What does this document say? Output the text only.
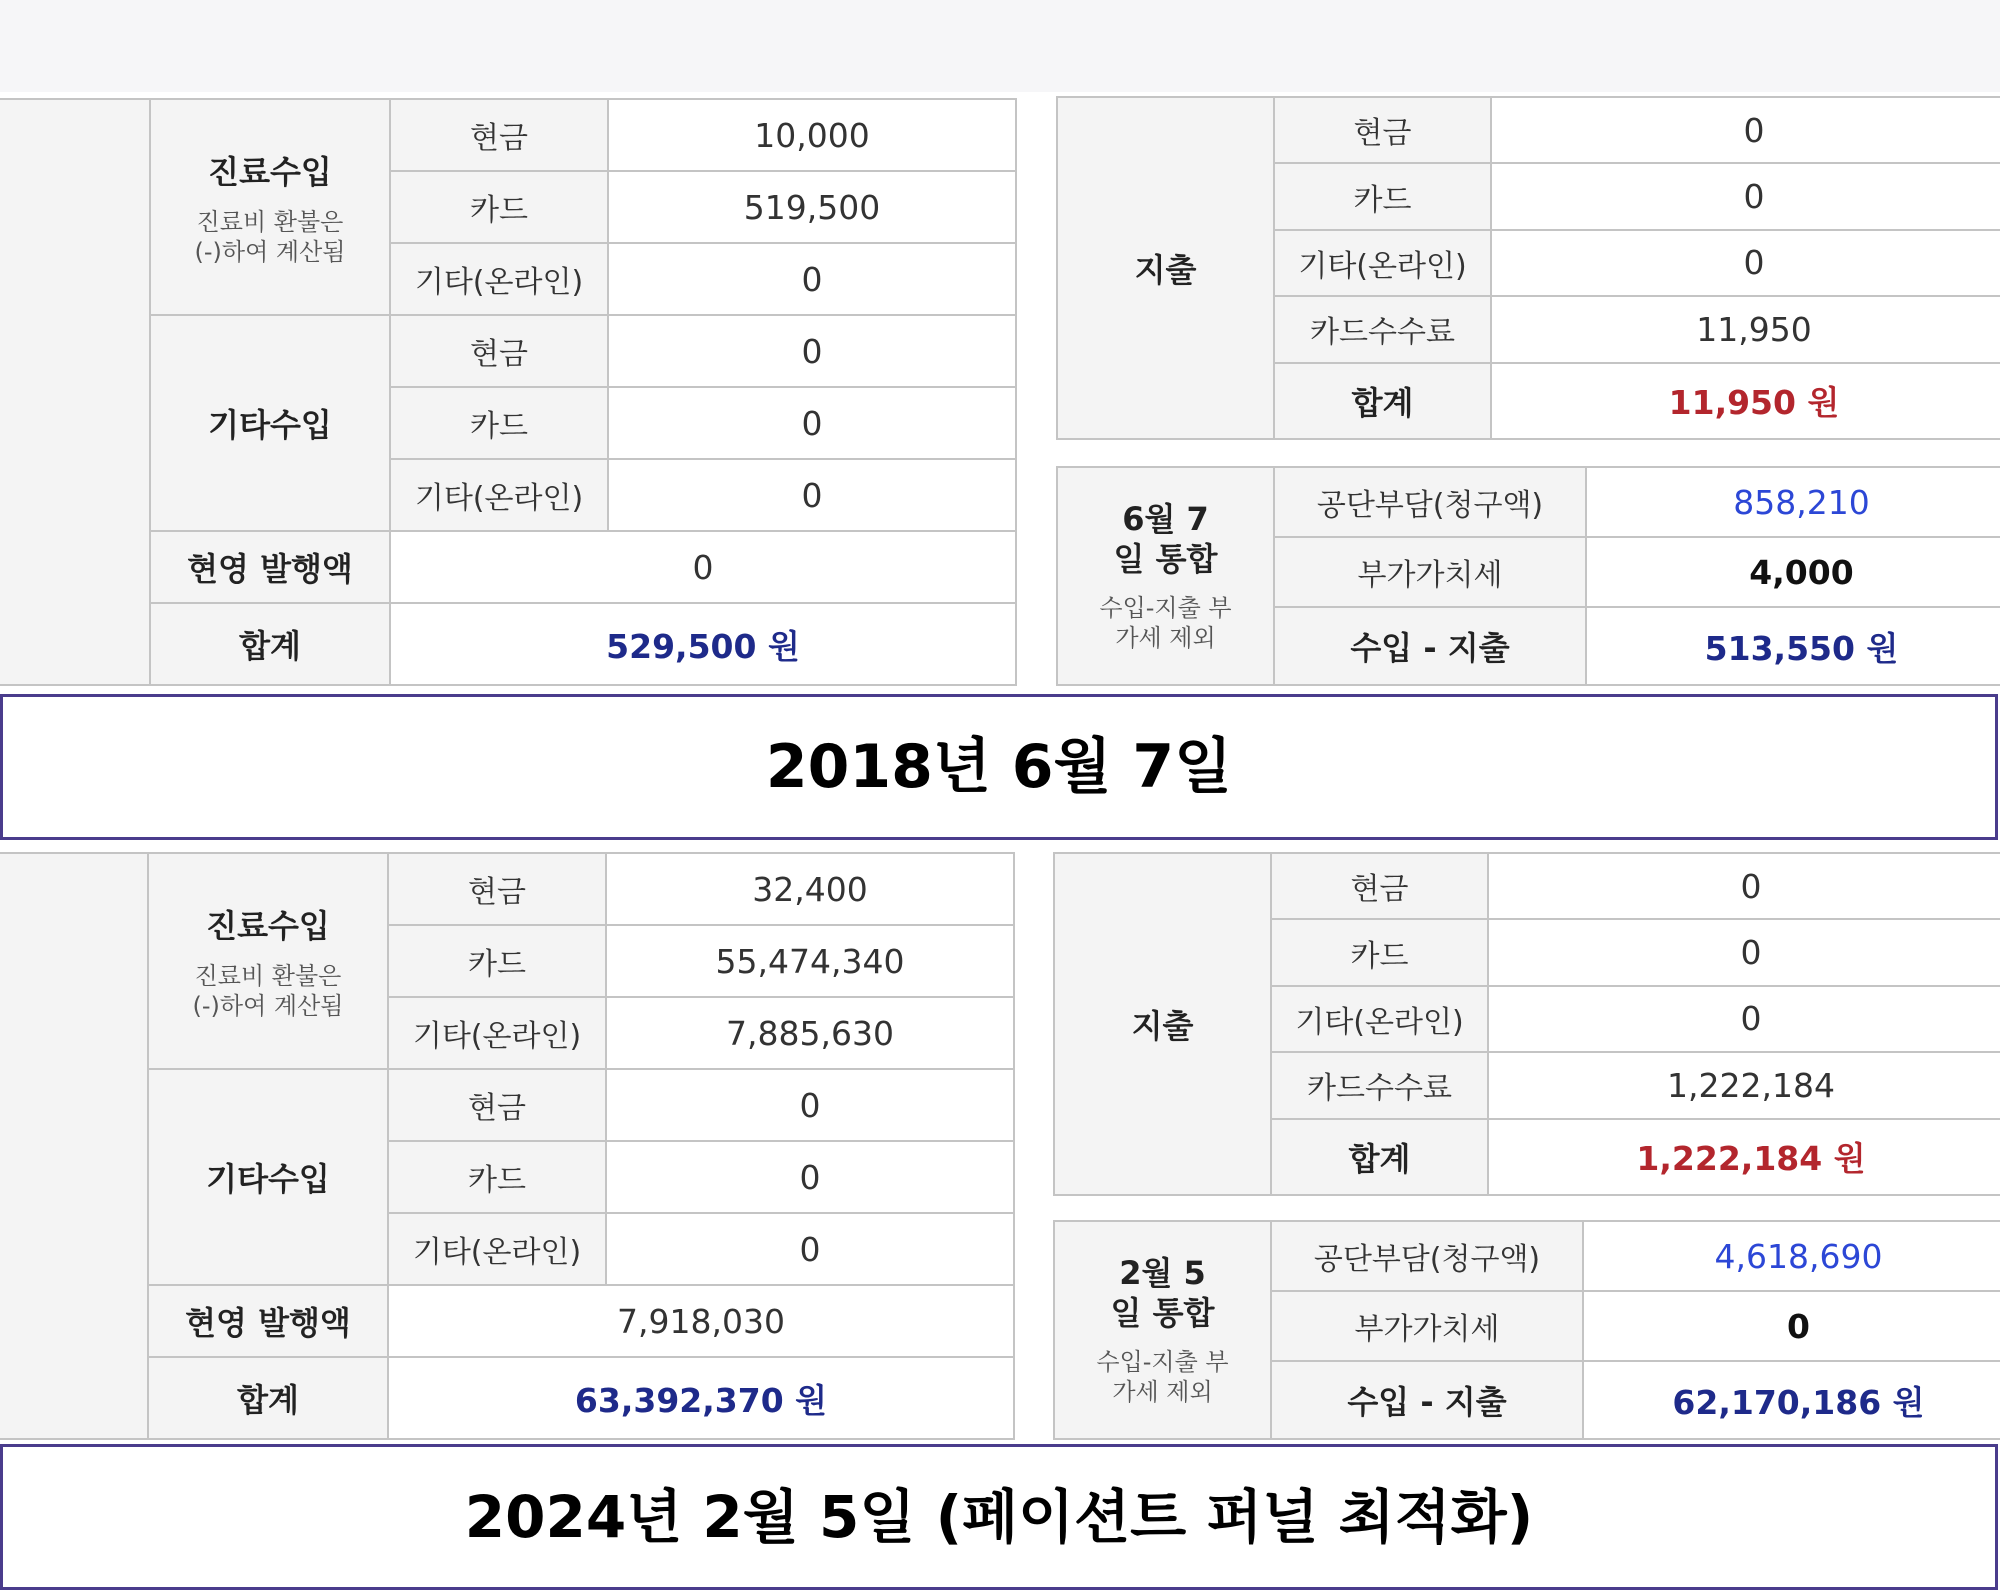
	진료수입
진료비 환불은 (-)하여 계산됨	현금	10,000
		카드	519,500
		기타(온라인)	0
	기타수입	현금	0
		카드	0
		기타(온라인)	0
	현영 발행액	0	
	합계	529,500 원	
지출	현금	0
	카드	0
	기타(온라인)	0
	카드수수료	11,950
	합계	11,950 원
6월 7일 통합
수입-지출 부가세 제외	공단부담(청구액)	858,210
	부가가치세	4,000
	수입 - 지출	513,550 원
2018년 6월 7일

	진료수입
진료비 환불은 (-)하여 계산됨	현금	32,400
		카드	55,474,340
		기타(온라인)	7,885,630
	기타수입	현금	0
		카드	0
		기타(온라인)	0
	현영 발행액	7,918,030	
	합계	63,392,370 원	
지출	현금	0
	카드	0
	기타(온라인)	0
	카드수수료	1,222,184
	합계	1,222,184 원
2월 5일 통합
수입-지출 부가세 제외	공단부담(청구액)	4,618,690
	부가가치세	0
	수입 - 지출	62,170,186 원
2024년 2월 5일 (페이션트 퍼널 최적화)
